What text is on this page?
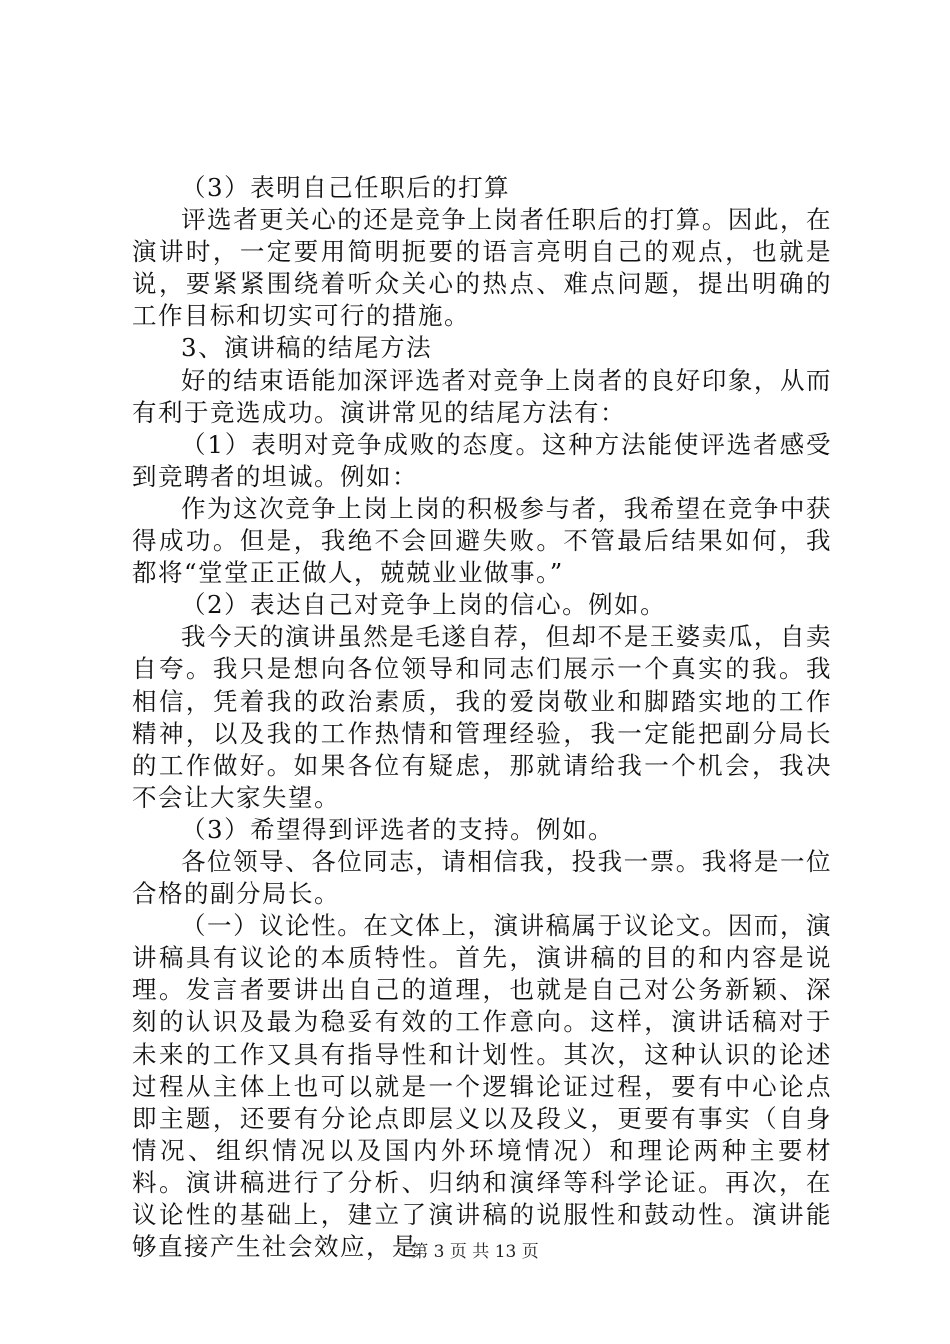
（3）表明自己任职后的打算

评选者更关心的还是竞争上岗者任职后的打算。因此，在演讲时，一定要用简明扼要的语言亮明自己的观点，也就是说，要紧紧围绕着听众关心的热点、难点问题，提出明确的工作目标和切实可行的措施。

3、演讲稿的结尾方法

好的结束语能加深评选者对竞争上岗者的良好印象，从而有利于竞选成功。演讲常见的结尾方法有：

（1）表明对竞争成败的态度。这种方法能使评选者感受到竞聘者的坦诚。例如：

作为这次竞争上岗上岗的积极参与者，我希望在竞争中获得成功。但是，我绝不会回避失败。不管最后结果如何，我都将“堂堂正正做人，兢兢业业做事。”

（2）表达自己对竞争上岗的信心。例如。

我今天的演讲虽然是毛遂自荐，但却不是王婆卖瓜，自卖自夸。我只是想向各位领导和同志们展示一个真实的我。我相信，凭着我的政治素质，我的爱岗敬业和脚踏实地的工作精神，以及我的工作热情和管理经验，我一定能把副分局长的工作做好。如果各位有疑虑，那就请给我一个机会，我决不会让大家失望。

（3）希望得到评选者的支持。例如。

各位领导、各位同志，请相信我，投我一票。我将是一位合格的副分局长。

（一）议论性。在文体上，演讲稿属于议论文。因而，演讲稿具有议论的本质特性。首先，演讲稿的目的和内容是说理。发言者要讲出自己的道理，也就是自己对公务新颖、深刻的认识及最为稳妥有效的工作意向。这样，演讲话稿对于未来的工作又具有指导性和计划性。其次，这种认识的论述过程从主体上也可以就是一个逻辑论证过程，要有中心论点即主题，还要有分论点即层义以及段义，更要有事实（自身情况、组织情况以及国内外环境情况）和理论两种主要材料。演讲稿进行了分析、归纳和演绎等科学论证。再次，在议论性的基础上，建立了演讲稿的说服性和鼓动性。演讲能够直接产生社会效应，是

第 3 页 共 13 页
